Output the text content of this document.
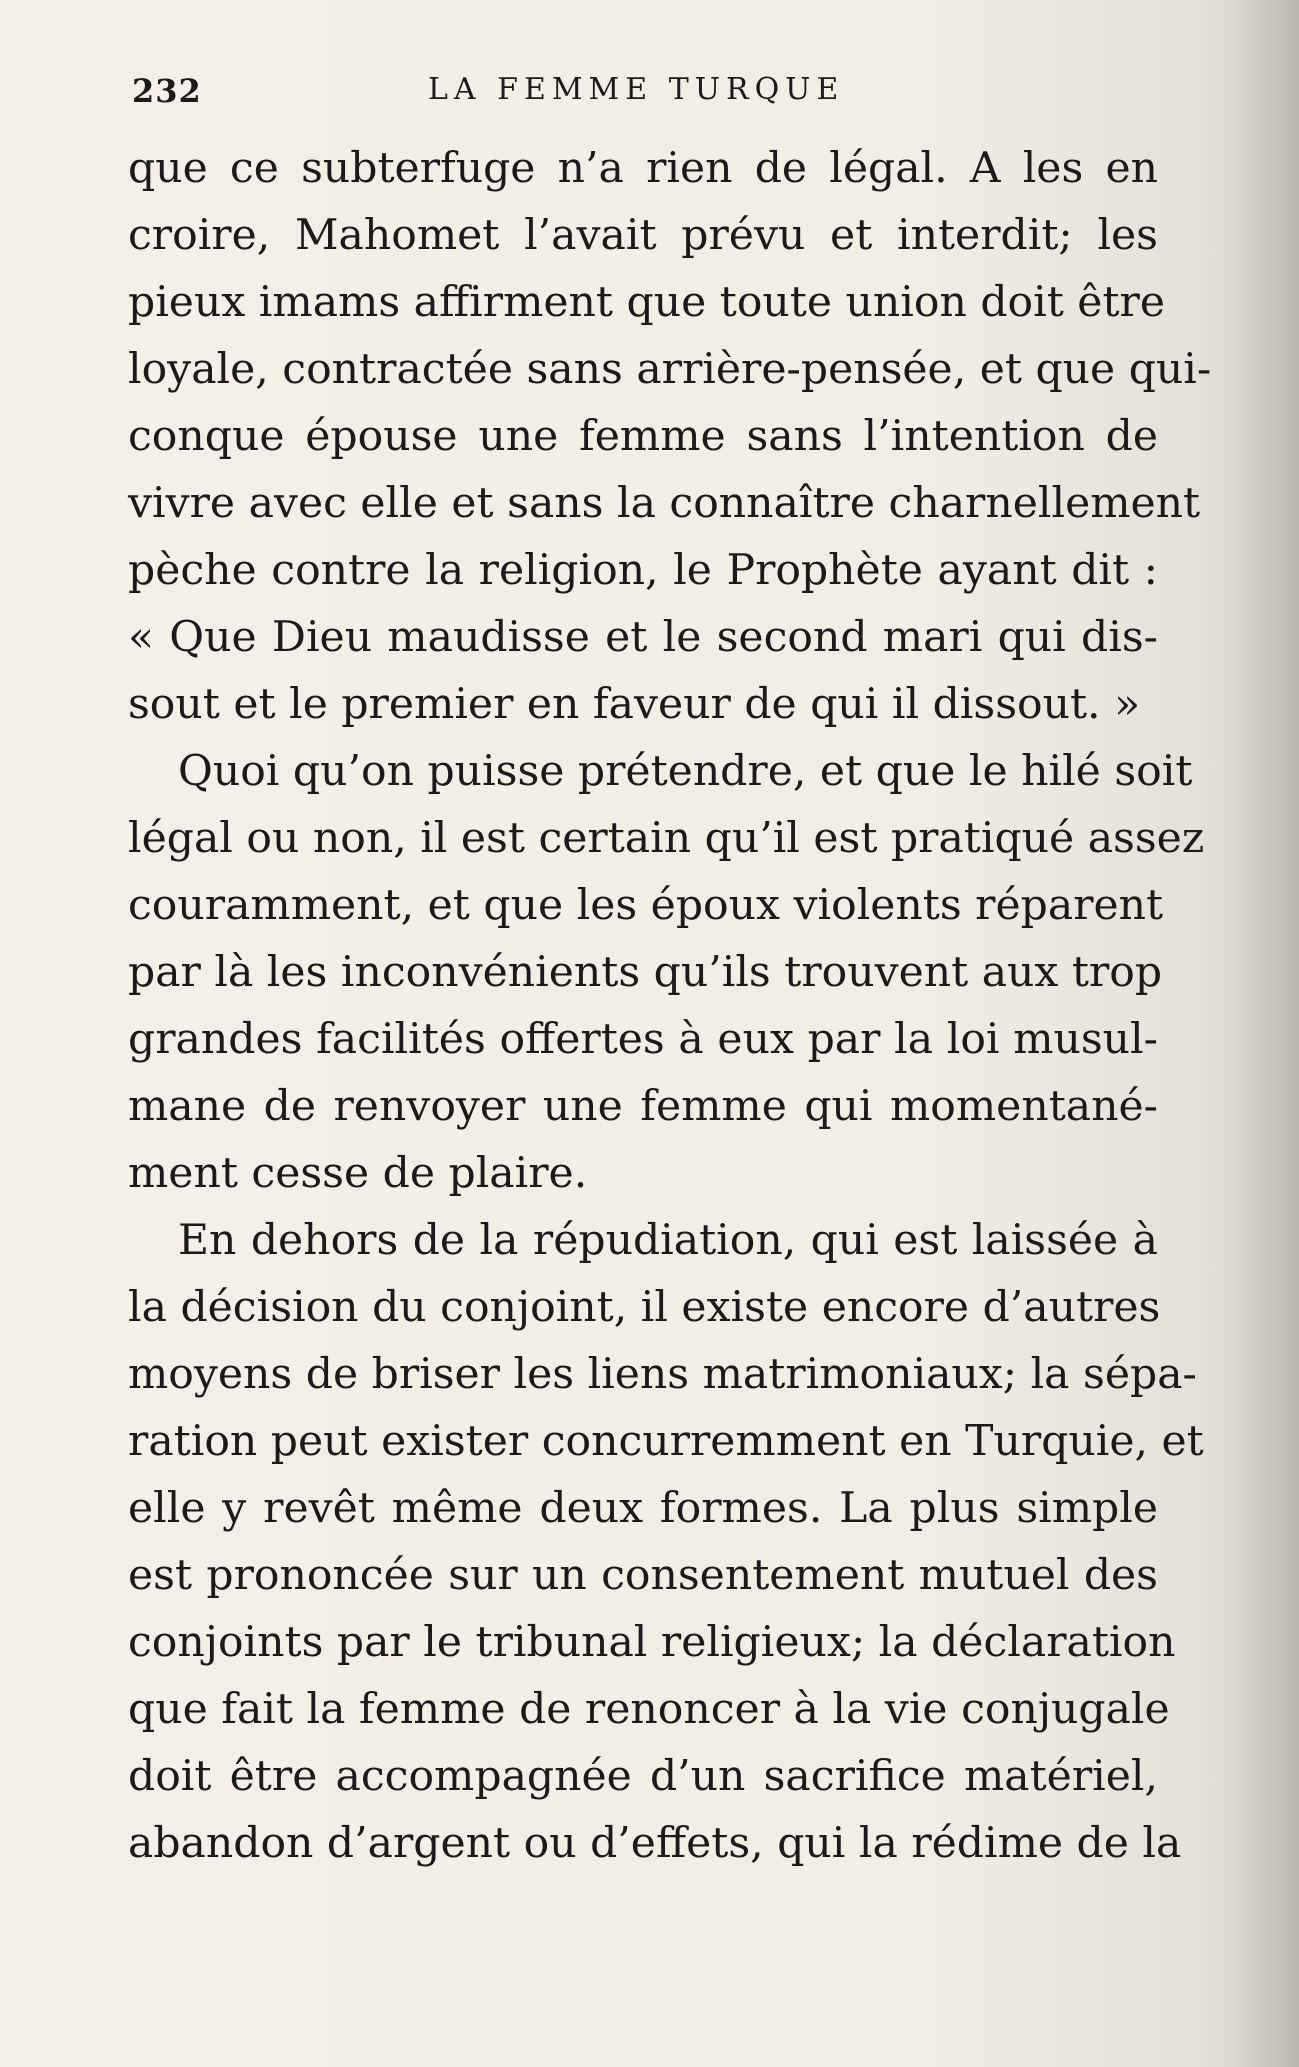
232	LA FEMME TURQUE
que ce subterfuge n’a rien de légal. A les en
croire, Mahomet l’avait prévu et interdit; les
pieux imams affirment que toute union doit être
loyale, contractée sans arrière-pensée, et que qui-
conque épouse une femme sans l’intention de
vivre avec elle et sans la connaître charnellement
pèche contre la religion, le Prophète ayant dit :
« Que Dieu maudisse et le second mari qui dis-
sout et le premier en faveur de qui il dissout. »
Quoi qu’on puisse prétendre, et que le hilé soit
légal ou non, il est certain qu’il est pratiqué assez
couramment, et que les époux violents réparent
par là les inconvénients qu’ils trouvent aux trop
grandes facilités offertes à eux par la loi musul-
mane de renvoyer une femme qui momentané-
ment cesse de plaire.
En dehors de la répudiation, qui est laissée à
la décision du conjoint, il existe encore d’autres
moyens de briser les liens matrimoniaux; la sépa-
ration peut exister concurremment en Turquie, et
elle y revêt même deux formes. La plus simple
est prononcée sur un consentement mutuel des
conjoints par le tribunal religieux; la déclaration
que fait la femme de renoncer à la vie conjugale
doit être accompagnée d’un sacrifice matériel,
abandon d’argent ou d’effets, qui la rédime de la
